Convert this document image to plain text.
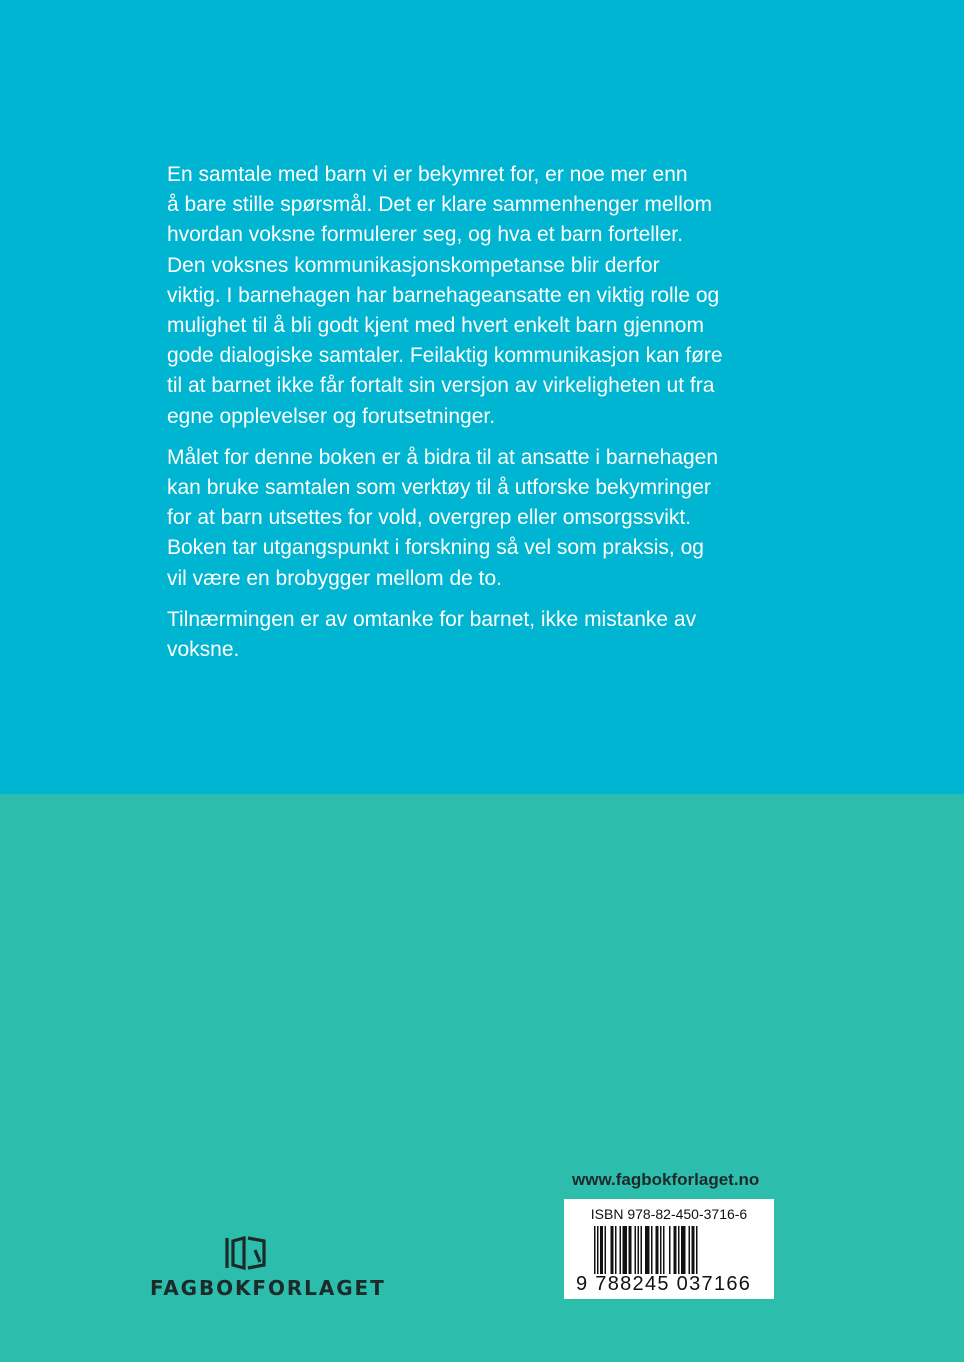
En samtale med barn vi er bekymret for, er noe mer enn
å bare stille spørsmål. Det er klare sammenhenger mellom
hvordan voksne formulerer seg, og hva et barn forteller.
Den voksnes kommunikasjonskompetanse blir derfor
viktig. I barnehagen har barnehageansatte en viktig rolle og
mulighet til å bli godt kjent med hvert enkelt barn gjennom
gode dialogiske samtaler. Feilaktig kommunikasjon kan føre
til at barnet ikke får fortalt sin versjon av virkeligheten ut fra
egne opplevelser og forutsetninger.

Målet for denne boken er å bidra til at ansatte i barnehagen
kan bruke samtalen som verktøy til å utforske bekymringer
for at barn utsettes for vold, overgrep eller omsorgssvikt.
Boken tar utgangspunkt i forskning så vel som praksis, og
vil være en brobygger mellom de to.

Tilnærmingen er av omtanke for barnet, ikke mistanke av
voksne.

www.fagbokforlaget.no
ISBN 978-82-450-3716-6
9 788245 037166
FAGBOKFORLAGET
